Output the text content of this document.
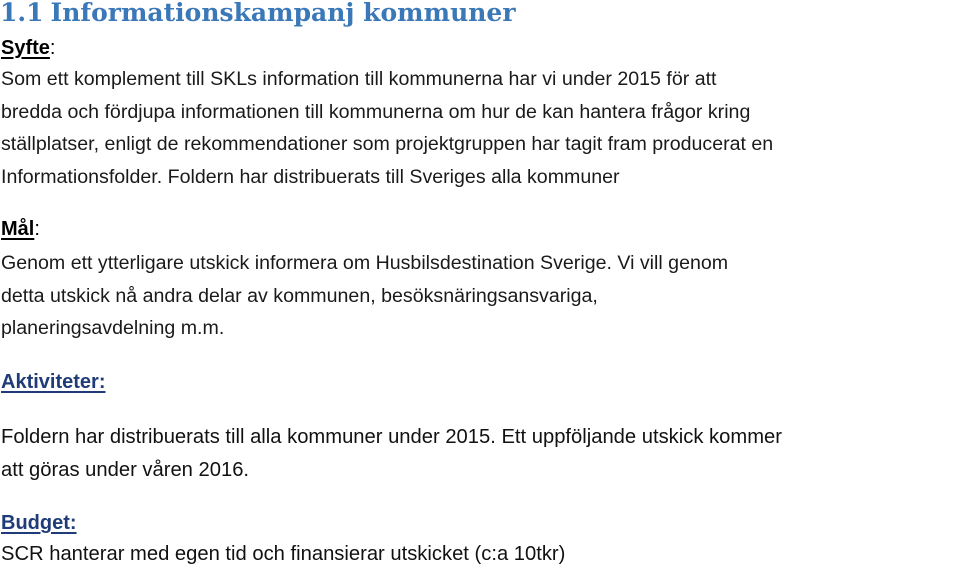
1.1 Informationskampanj kommuner
Syfte:
Som ett komplement till SKLs information till kommunerna har vi under 2015 för att
bredda och fördjupa informationen till kommunerna om hur de kan hantera frågor kring
ställplatser, enligt de rekommendationer som projektgruppen har tagit fram producerat en
Informationsfolder. Foldern har distribuerats till Sveriges alla kommuner
Mål:
Genom ett ytterligare utskick informera om Husbilsdestination Sverige. Vi vill genom
detta utskick nå andra delar av kommunen, besöksnäringsansvariga,
planeringsavdelning m.m.
Aktiviteter:
Foldern har distribuerats till alla kommuner under 2015. Ett uppföljande utskick kommer
att göras under våren 2016.
Budget:
SCR hanterar med egen tid och finansierar utskicket (c:a 10tkr)
